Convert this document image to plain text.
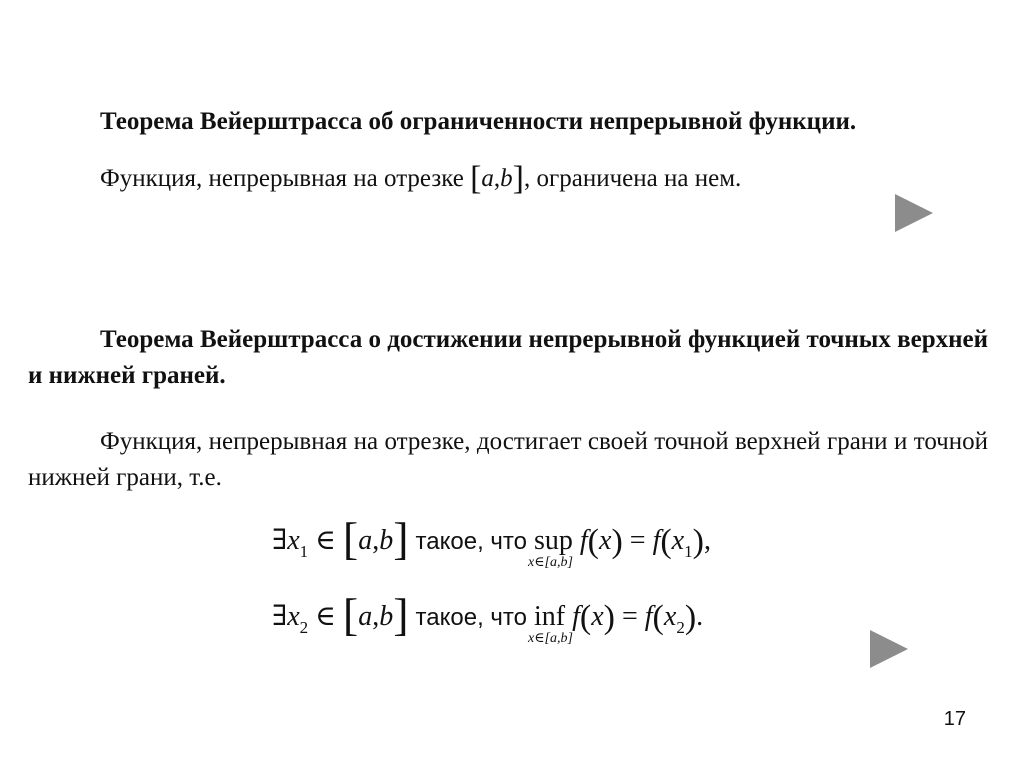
Теорема Вейерштрасса об ограниченности непрерывной функции.
Функция, непрерывная на отрезке [a,b], ограничена на нем.
Теорема Вейерштрасса о достижении непрерывной функцией точных верхней и нижней граней.
Функция, непрерывная на отрезке, достигает своей точной верхней грани и точной нижней грани, т.е.
$\exists x_1$ ∈ [a,b] такое, что sup
x∈[a,b]
$f(x) = f(x_1)$,
$\exists x_2$ ∈ [a,b] такое, что inf
x∈[a,b]
$f(x) = f(x_2)$.
17
